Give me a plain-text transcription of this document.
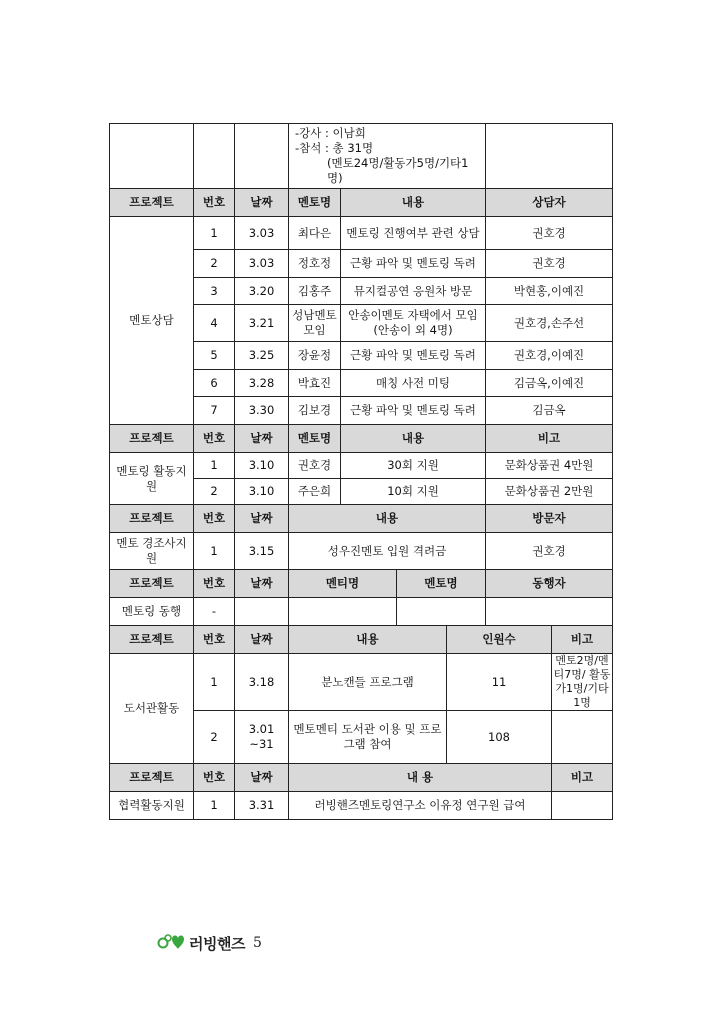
			-강사 : 이남희
-참석 : 총 31명
(멘토24명/활동가5명/기타1명)					

프로젝트	번호	날짜	멘토명	내용			상담자	
멘토상담	1	3.03	최다은	멘토링 진행여부 관련 상담			권호경	
	2	3.03	정호정	근황 파악 및 멘토링 독려			권호경	
	3	3.20	김홍주	뮤지컬공연 응원차 방문			박현홍,이예진	
	4	3.21	성남멘토 모임	안송이멘토 자택에서 모임 (안송이 외 4명)			권호경,손주선	
	5	3.25	장윤정	근황 파악 및 멘토링 독려			권호경,이예진	
	6	3.28	박효진	매칭 사전 미팅			김금옥,이예진	
	7	3.30	김보경	근황 파악 및 멘토링 독려			김금옥	
프로젝트	번호	날짜	멘토명	내용			비고	
멘토링 활동지원	1	3.10	권호경	30회 지원			문화상품권 4만원	
	2	3.10	주은희	10회 지원			문화상품권 2만원	
프로젝트	번호	날짜	내용				방문자	
멘토 경조사지원	1	3.15	성우진멘토 입원 격려금				권호경	
프로젝트	번호	날짜	멘티명		멘토명		동행자	
멘토링 동행	-							
프로젝트	번호	날짜	내용			인원수		비고
도서관활동	1	3.18	분노캔들 프로그램			11		멘토2명/멘티7명/ 활동가1명/기타1명
	2	3.01 ~31	멘토멘티 도서관 이용 및 프로그램 참여			108		
프로젝트	번호	날짜	내 용					비고
협력활동지원	1	3.31	러빙핸즈멘토링연구소 이유정 연구원 급여					
러빙핸즈 5
